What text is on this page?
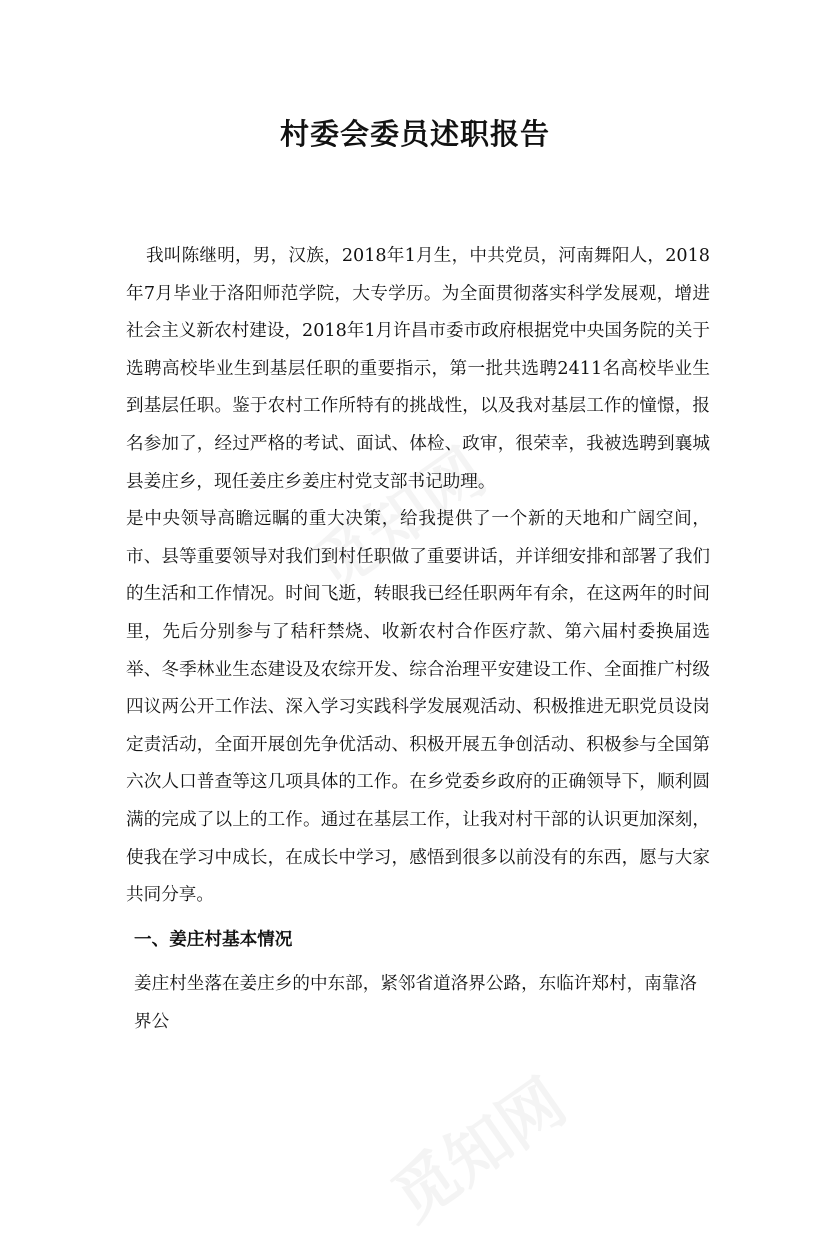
村委会委员述职报告

我叫陈继明，男，汉族，2018年1月生，中共党员，河南舞阳人，2018年7月毕业于洛阳师范学院，大专学历。为全面贯彻落实科学发展观，增进社会主义新农村建设，2018年1月许昌市委市政府根据党中央国务院的关于选聘高校毕业生到基层任职的重要指示，第一批共选聘2411名高校毕业生到基层任职。鉴于农村工作所特有的挑战性，以及我对基层工作的憧憬，报名参加了，经过严格的考试、面试、体检、政审，很荣幸，我被选聘到襄城县姜庄乡，现任姜庄乡姜庄村党支部书记助理。

是中央领导高瞻远瞩的重大决策，给我提供了一个新的天地和广阔空间，市、县等重要领导对我们到村任职做了重要讲话，并详细安排和部署了我们的生活和工作情况。时间飞逝，转眼我已经任职两年有余，在这两年的时间里，先后分别参与了秸秆禁烧、收新农村合作医疗款、第六届村委换届选举、冬季林业生态建设及农综开发、综合治理平安建设工作、全面推广村级四议两公开工作法、深入学习实践科学发展观活动、积极推进无职党员设岗定责活动，全面开展创先争优活动、积极开展五争创活动、积极参与全国第六次人口普查等这几项具体的工作。在乡党委乡政府的正确领导下，顺利圆满的完成了以上的工作。通过在基层工作，让我对村干部的认识更加深刻，使我在学习中成长，在成长中学习，感悟到很多以前没有的东西，愿与大家共同分享。

一、姜庄村基本情况

姜庄村坐落在姜庄乡的中东部，紧邻省道洛界公路，东临许郑村，南靠洛界公
